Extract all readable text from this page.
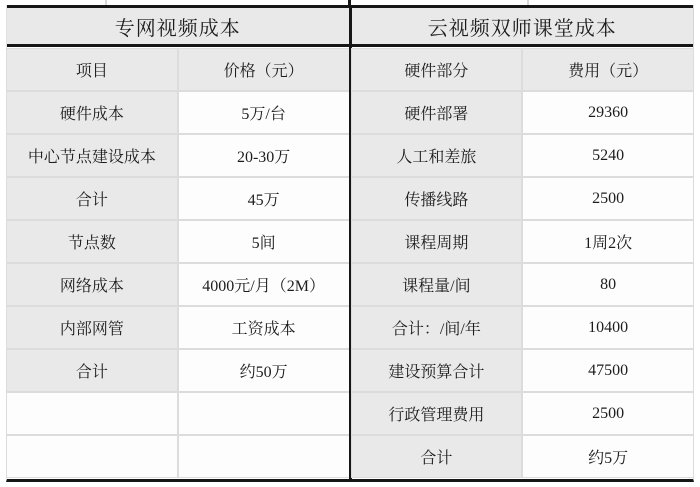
专网视频成本
项目	价格（元）
硬件成本	5万/台
中心节点建设成本	20-30万
合计	45万
节点数	5间
网络成本	4000元/月（2M）
内部网管	工资成本
合计	约50万
云视频双师课堂成本
硬件部分	费用（元）
硬件部署	29360
人工和差旅	5240
传播线路	2500
课程周期	1周2次
课程量/间	80
合计：/间/年	10400
建设预算合计	47500
行政管理费用	2500
合计	约5万
